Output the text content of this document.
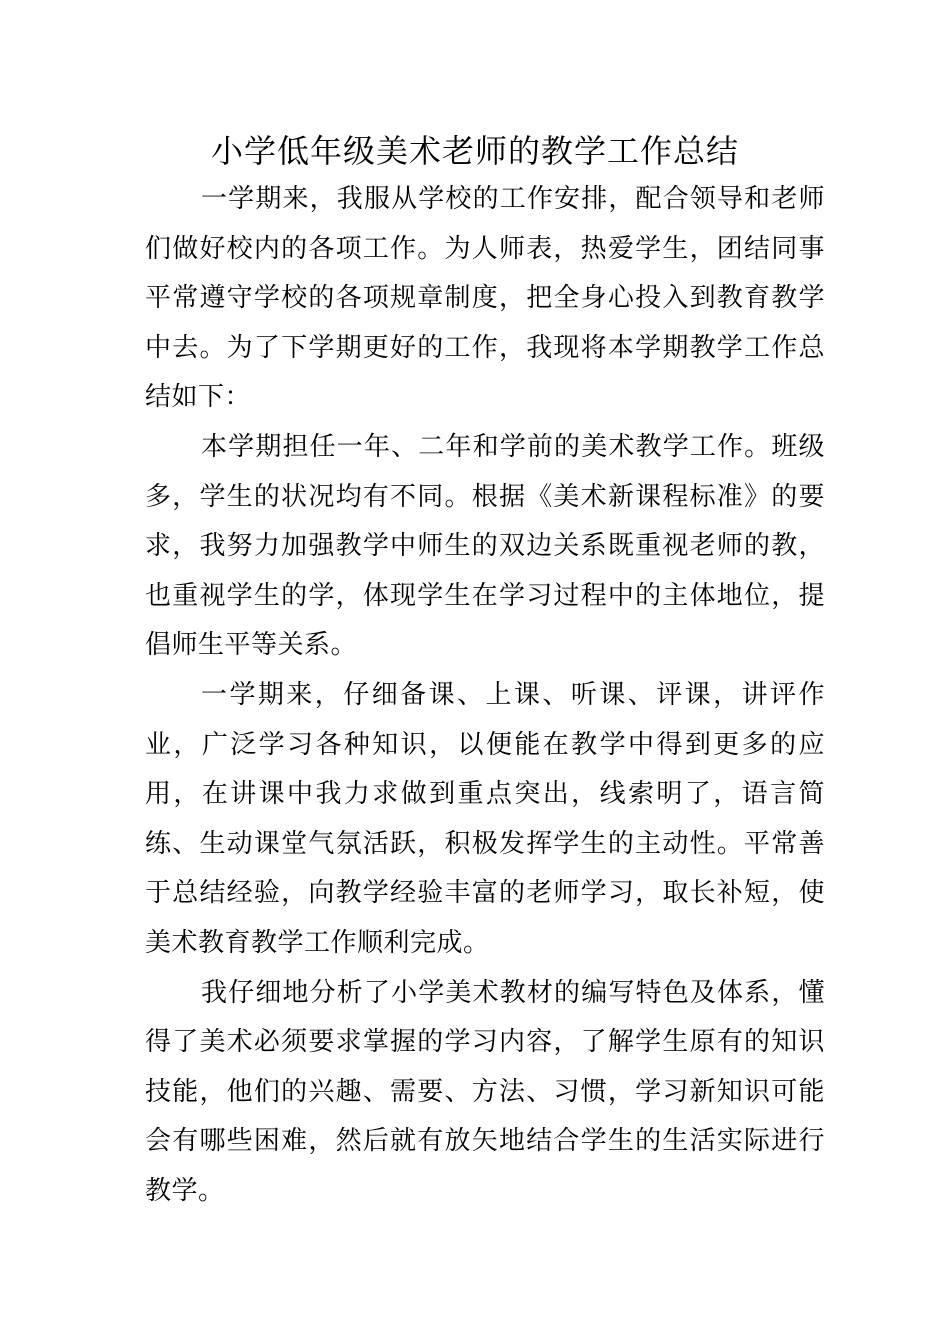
小学低年级美术老师的教学工作总结

一学期来，我服从学校的工作安排，配合领导和老师们做好校内的各项工作。为人师表，热爱学生，团结同事平常遵守学校的各项规章制度，把全身心投入到教育教学中去。为了下学期更好的工作，我现将本学期教学工作总结如下：

本学期担任一年、二年和学前的美术教学工作。班级多，学生的状况均有不同。根据《美术新课程标准》的要求，我努力加强教学中师生的双边关系既重视老师的教，也重视学生的学，体现学生在学习过程中的主体地位，提倡师生平等关系。

一学期来，仔细备课、上课、听课、评课，讲评作业，广泛学习各种知识，以便能在教学中得到更多的应用，在讲课中我力求做到重点突出，线索明了，语言简练、生动课堂气氛活跃，积极发挥学生的主动性。平常善于总结经验，向教学经验丰富的老师学习，取长补短，使美术教育教学工作顺利完成。

我仔细地分析了小学美术教材的编写特色及体系，懂得了美术必须要求掌握的学习内容，了解学生原有的知识技能，他们的兴趣、需要、方法、习惯，学习新知识可能会有哪些困难，然后就有放矢地结合学生的生活实际进行教学。
